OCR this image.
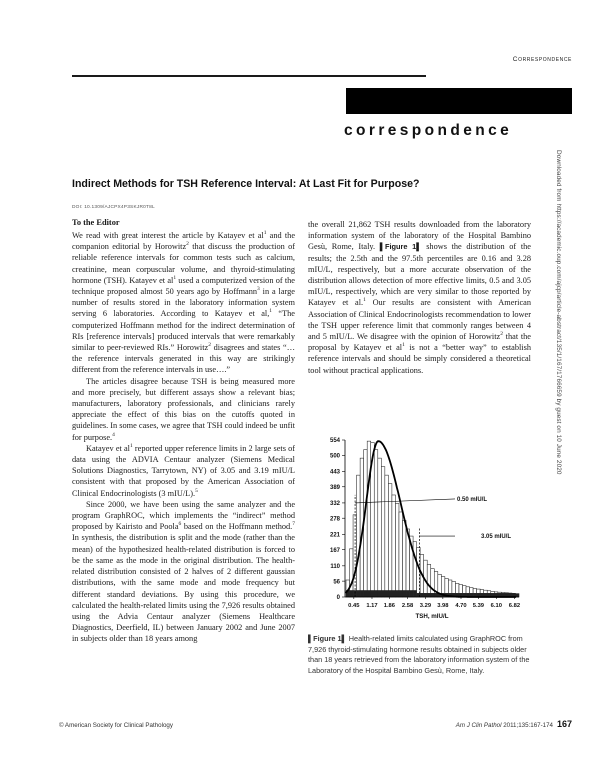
Correspondence
correspondence
Indirect Methods for TSH Reference Interval: At Last Fit for Purpose?
DOI: 10.1309/AJCPX4P3SKJR0T8L
To the Editor

We read with great interest the article by Katayev et $al^1$ and the companion editorial by Horowitz$^2$ that discuss the production of reliable reference intervals for common tests such as calcium, creatinine, mean corpuscular volume, and thyroid-stimulating hormone (TSH). Katayev et $al^1$ used a computerized version of the technique proposed almost 50 years ago by Hoffmann$^3$ in a large number of results stored in the laboratory information system serving 6 laboratories. According to Katayev et al,$^1$ “The computerized Hoffmann method for the indirect determination of RIs [reference intervals] produced intervals that were remarkably similar to peer-reviewed RIs.” Horowitz$^2$ disagrees and states “…the reference intervals generated in this way are strikingly different from the reference intervals in use….”

The articles disagree because TSH is being measured more and more precisely, but different assays show a relevant bias; manufacturers, laboratory professionals, and clinicians rarely appreciate the effect of this bias on the cutoffs quoted in guidelines. In some cases, we agree that TSH could indeed be unfit for purpose.$^4$

Katayev et $al^1$ reported upper reference limits in 2 large sets of data using the ADVIA Centaur analyzer (Siemens Medical Solutions Diagnostics, Tarrytown, NY) of 3.05 and 3.19 mIU/L consistent with that proposed by the American Association of Clinical Endocrinologists (3 mIU/L).$^5$

Since 2000, we have been using the same analyzer and the program GraphROC, which implements the “indirect” method proposed by Kairisto and Poola$^6$ based on the Hoffmann method.$^7$ In synthesis, the distribution is split and the mode (rather than the mean) of the hypothesized health-related distribution is forced to be the same as the mode in the original distribution. The health-related distribution consisted of 2 halves of 2 different gaussian distributions, with the same mode and mode frequency but different standard deviations. By using this procedure, we calculated the health-related limits using the 7,926 results obtained using the Advia Centaur analyzer (Siemens Healthcare Diagnostics, Deerfield, IL) between January 2002 and June 2007 in subjects older than 18 years among

the overall 21,862 TSH results downloaded from the laboratory information system of the laboratory of the Hospital Bambino Gesù, Rome, Italy. ▌Figure 1▌ shows the distribution of the results; the 2.5th and the 97.5th percentiles are 0.16 and 3.28 mIU/L, respectively, but a more accurate observation of the distribution allows detection of more effective limits, 0.5 and 3.05 mIU/L, respectively, which are very similar to those reported by Katayev et al.$^1$ Our results are consistent with American Association of Clinical Endocrinologists recommendation to lower the TSH upper reference limit that commonly ranges between 4 and 5 mIU/L. We disagree with the opinion of Horowitz$^2$ that the proposal by Katayev et $al^1$ is not a “better way” to establish reference intervals and should be simply considered a theoretical tool without practical applications.	Downloaded from https://academic.oup.com/ajcp/article-abstract/135/1/167/1766659 by guest on 10 June 2020
554
500
443
389
332
278
221
167
110
56
0
0.45 1.17 1.86 2.58 3.29 3.98 4.70 5.39 6.10 6.82
TSH, mIU/L
0.50 mIU/L
3.05 mIU/L
▌Figure 1▌ Health-related limits calculated using GraphROC from 7,926 thyroid-stimulating hormone results obtained in subjects older than 18 years retrieved from the laboratory information system of the Laboratory of the Hospital Bambino Gesù, Rome, Italy.
© American Society for Clinical Pathology	Am J Clin Pathol 2011;135:167-174 167
